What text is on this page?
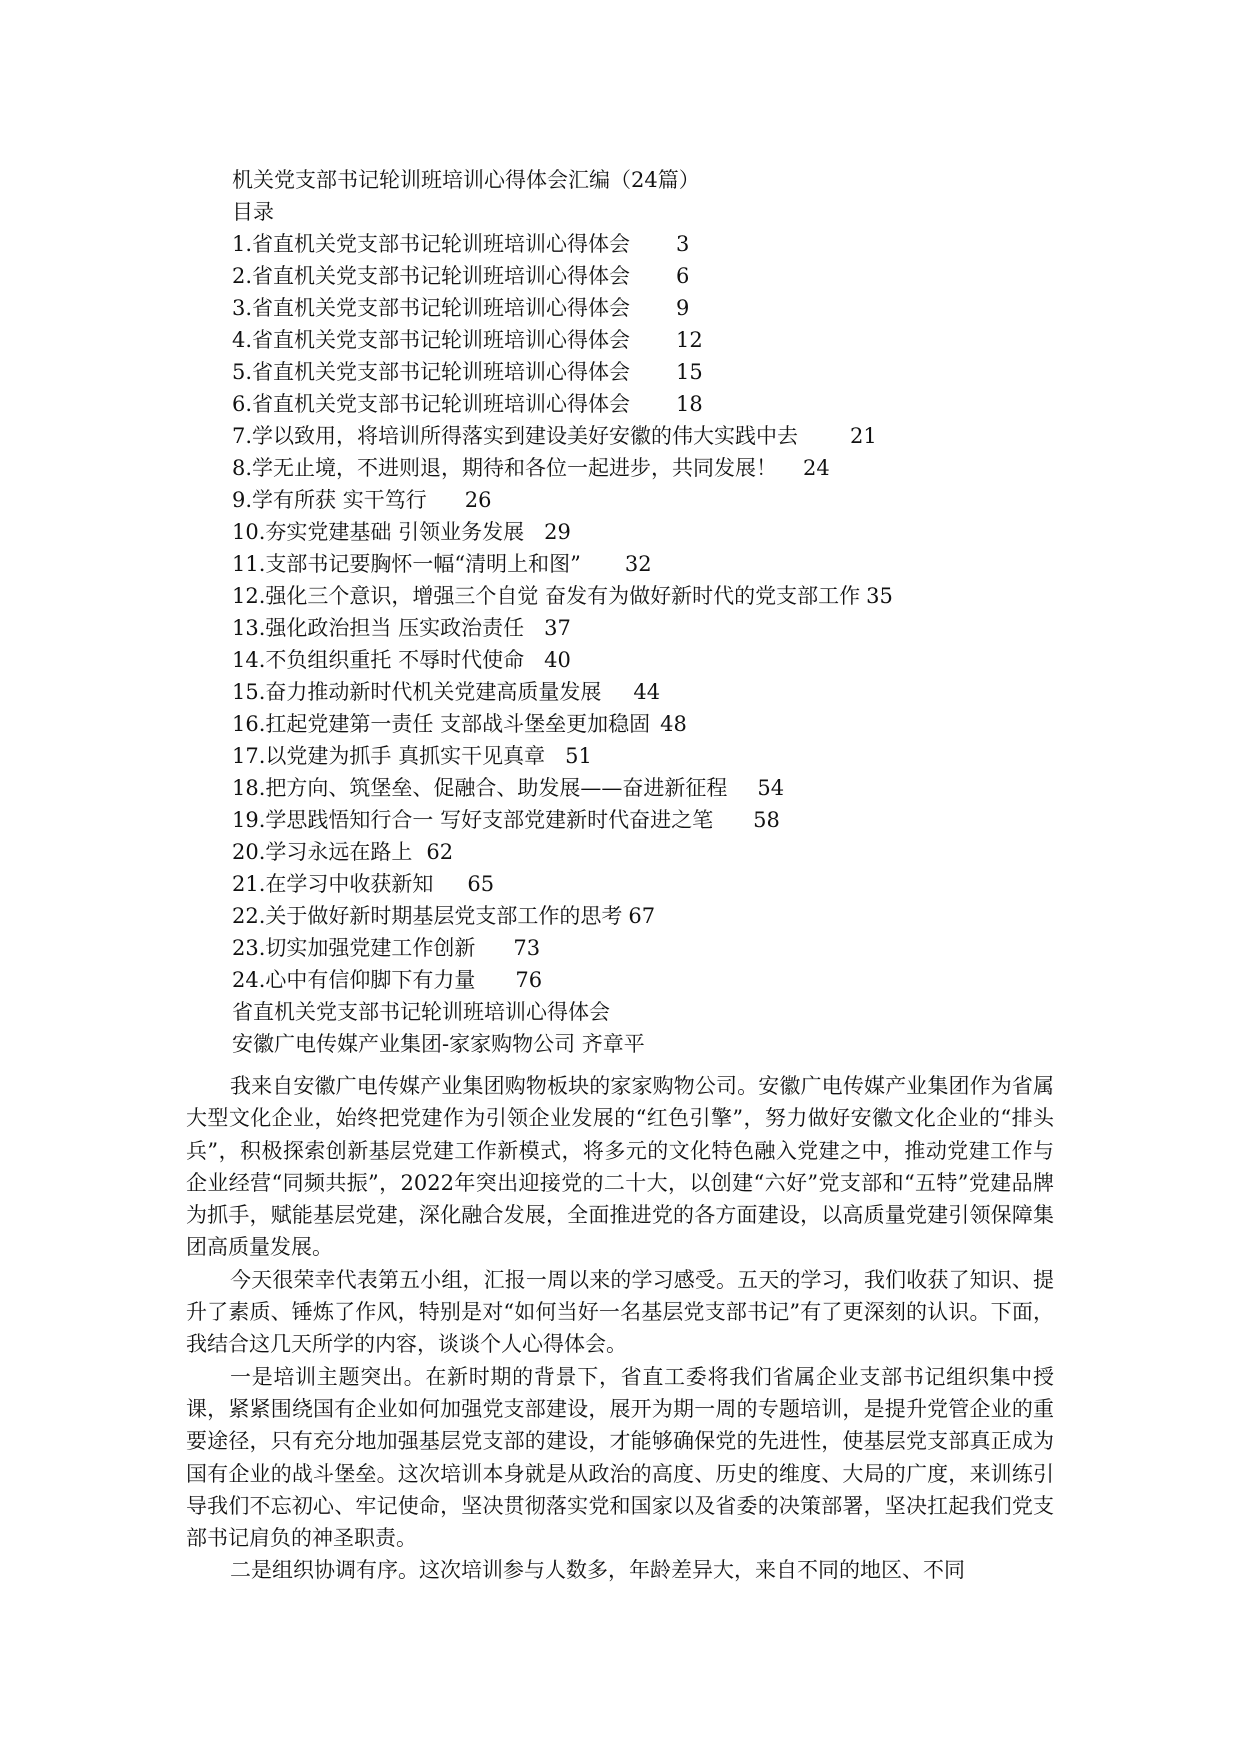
机关党支部书记轮训班培训心得体会汇编（24篇）
目录
1.省直机关党支部书记轮训班培训心得体会 3
2.省直机关党支部书记轮训班培训心得体会 6
3.省直机关党支部书记轮训班培训心得体会 9
4.省直机关党支部书记轮训班培训心得体会 12
5.省直机关党支部书记轮训班培训心得体会 15
6.省直机关党支部书记轮训班培训心得体会 18
7.学以致用，将培训所得落实到建设美好安徽的伟大实践中去 21
8.学无止境，不进则退，期待和各位一起进步，共同发展！ 24
9.学有所获 实干笃行 26
10.夯实党建基础 引领业务发展 29
11.支部书记要胸怀一幅“清明上和图” 32
12.强化三个意识，增强三个自觉 奋发有为做好新时代的党支部工作 35
13.强化政治担当 压实政治责任 37
14.不负组织重托 不辱时代使命 40
15.奋力推动新时代机关党建高质量发展 44
16.扛起党建第一责任 支部战斗堡垒更加稳固 48
17.以党建为抓手 真抓实干见真章 51
18.把方向、筑堡垒、促融合、助发展——奋进新征程 54
19.学思践悟知行合一 写好支部党建新时代奋进之笔 58
20.学习永远在路上 62
21.在学习中收获新知 65
22.关于做好新时期基层党支部工作的思考 67
23.切实加强党建工作创新 73
24.心中有信仰脚下有力量 76
省直机关党支部书记轮训班培训心得体会
安徽广电传媒产业集团-家家购物公司 齐章平

我来自安徽广电传媒产业集团购物板块的家家购物公司。安徽广电传媒产业集团作为省属大型文化企业，始终把党建作为引领企业发展的“红色引擎”，努力做好安徽文化企业的“排头兵”，积极探索创新基层党建工作新模式，将多元的文化特色融入党建之中，推动党建工作与企业经营“同频共振”，2022年突出迎接党的二十大，以创建“六好”党支部和“五特”党建品牌为抓手，赋能基层党建，深化融合发展，全面推进党的各方面建设，以高质量党建引领保障集团高质量发展。

今天很荣幸代表第五小组，汇报一周以来的学习感受。五天的学习，我们收获了知识、提升了素质、锤炼了作风，特别是对“如何当好一名基层党支部书记”有了更深刻的认识。下面，我结合这几天所学的内容，谈谈个人心得体会。

一是培训主题突出。在新时期的背景下，省直工委将我们省属企业支部书记组织集中授课，紧紧围绕国有企业如何加强党支部建设，展开为期一周的专题培训，是提升党管企业的重要途径，只有充分地加强基层党支部的建设，才能够确保党的先进性，使基层党支部真正成为国有企业的战斗堡垒。这次培训本身就是从政治的高度、历史的维度、大局的广度，来训练引导我们不忘初心、牢记使命，坚决贯彻落实党和国家以及省委的决策部署，坚决扛起我们党支部书记肩负的神圣职责。

二是组织协调有序。这次培训参与人数多，年龄差异大，来自不同的地区、不同
